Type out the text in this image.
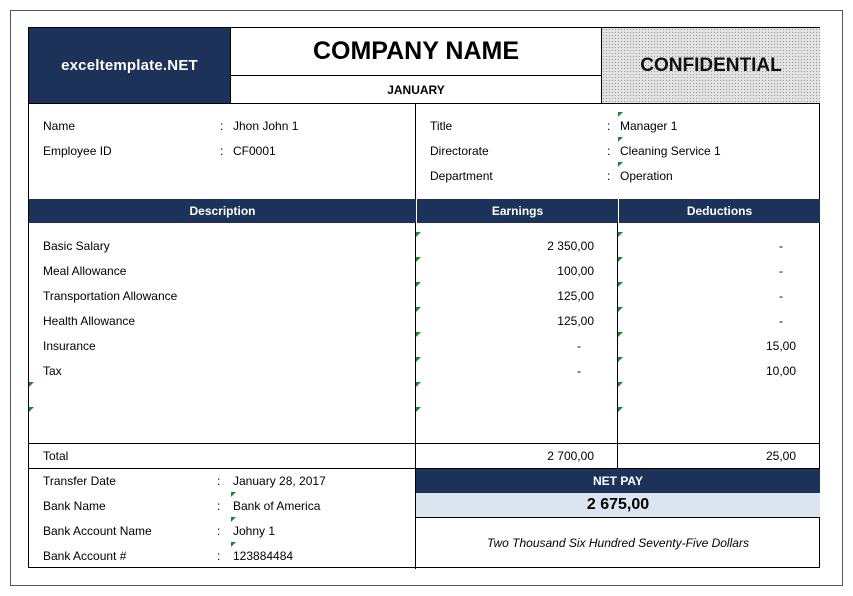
exceltemplate.NET
COMPANY NAME
JANUARY
CONFIDENTIAL
Name	: Jhon John 1
Employee ID	: CF0001
Title	: Manager 1
Directorate	: Cleaning Service 1
Department	: Operation
Description	Earnings	Deductions
Basic Salary	2 350,00	-
Meal Allowance	100,00	-
Transportation Allowance	125,00	-
Health Allowance	125,00	-
Insurance	-	15,00
Tax	-	10,00
Total	2 700,00	25,00
Transfer Date	: January 28, 2017
Bank Name	: Bank of America
Bank Account Name	: Johny 1
Bank Account #	: 123884484
NET PAY
2 675,00
Two Thousand Six Hundred Seventy-Five Dollars
